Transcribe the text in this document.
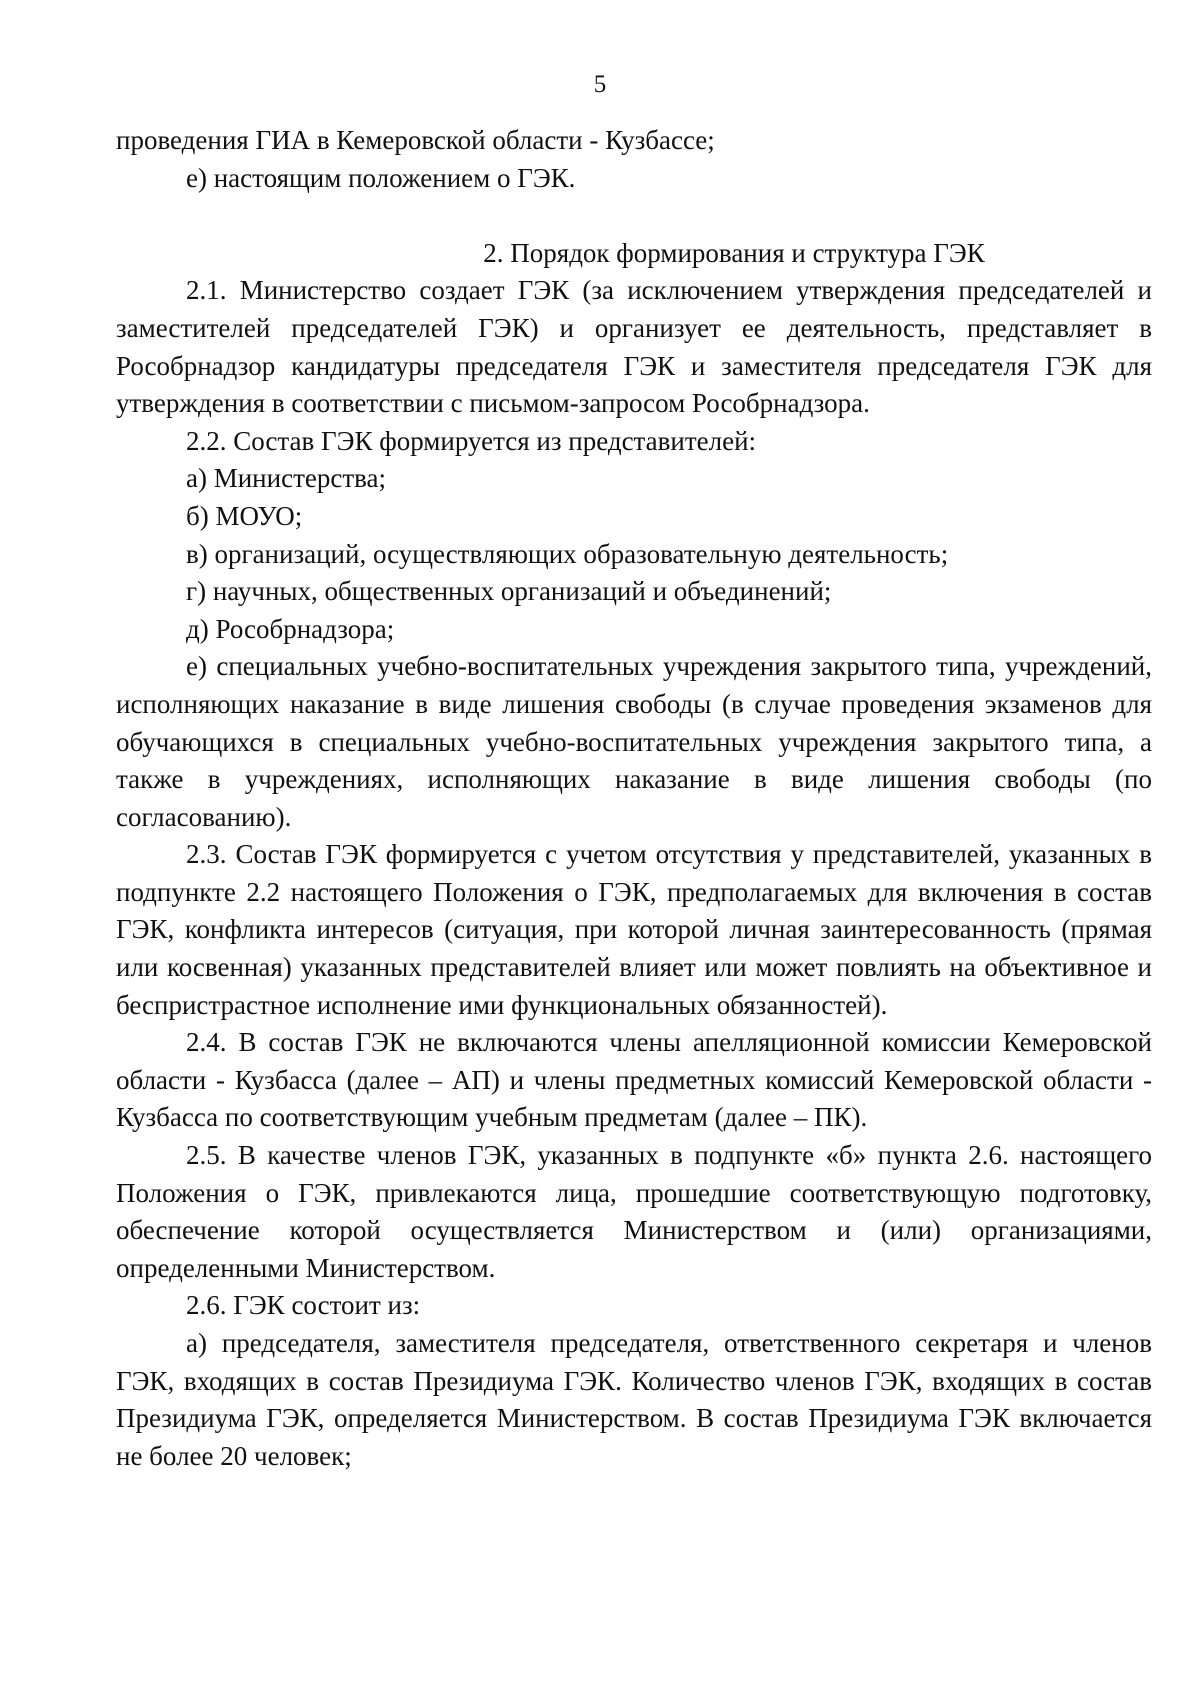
5

проведения ГИА в Кемеровской области - Кузбассе;

е) настоящим положением о ГЭК.

2. Порядок формирования и структура ГЭК

2.1. Министерство создает ГЭК (за исключением утверждения председателей и заместителей председателей ГЭК) и организует ее деятельность, представляет в Рособрнадзор кандидатуры председателя ГЭК и заместителя председателя ГЭК для утверждения в соответствии с письмом-запросом Рособрнадзора.

2.2. Состав ГЭК формируется из представителей:

а) Министерства;

б) МОУО;

в) организаций, осуществляющих образовательную деятельность;

г) научных, общественных организаций и объединений;

д) Рособрнадзора;

е) специальных учебно-воспитательных учреждения закрытого типа, учреждений, исполняющих наказание в виде лишения свободы (в случае проведения экзаменов для обучающихся в специальных учебно-воспитательных учреждения закрытого типа, а также в учреждениях, исполняющих наказание в виде лишения свободы (по согласованию).

2.3. Состав ГЭК формируется с учетом отсутствия у представителей, указанных в подпункте 2.2 настоящего Положения о ГЭК, предполагаемых для включения в состав ГЭК, конфликта интересов (ситуация, при которой личная заинтересованность (прямая или косвенная) указанных представителей влияет или может повлиять на объективное и беспристрастное исполнение ими функциональных обязанностей).

2.4. В состав ГЭК не включаются члены апелляционной комиссии Кемеровской области - Кузбасса (далее – АП) и члены предметных комиссий Кемеровской области - Кузбасса по соответствующим учебным предметам (далее – ПК).

2.5. В качестве членов ГЭК, указанных в подпункте «б» пункта 2.6. настоящего Положения о ГЭК, привлекаются лица, прошедшие соответствующую подготовку, обеспечение которой осуществляется Министерством и (или) организациями, определенными Министерством.

2.6. ГЭК состоит из:

а) председателя, заместителя председателя, ответственного секретаря и членов ГЭК, входящих в состав Президиума ГЭК. Количество членов ГЭК, входящих в состав Президиума ГЭК, определяется Министерством. В состав Президиума ГЭК включается не более 20 человек;
